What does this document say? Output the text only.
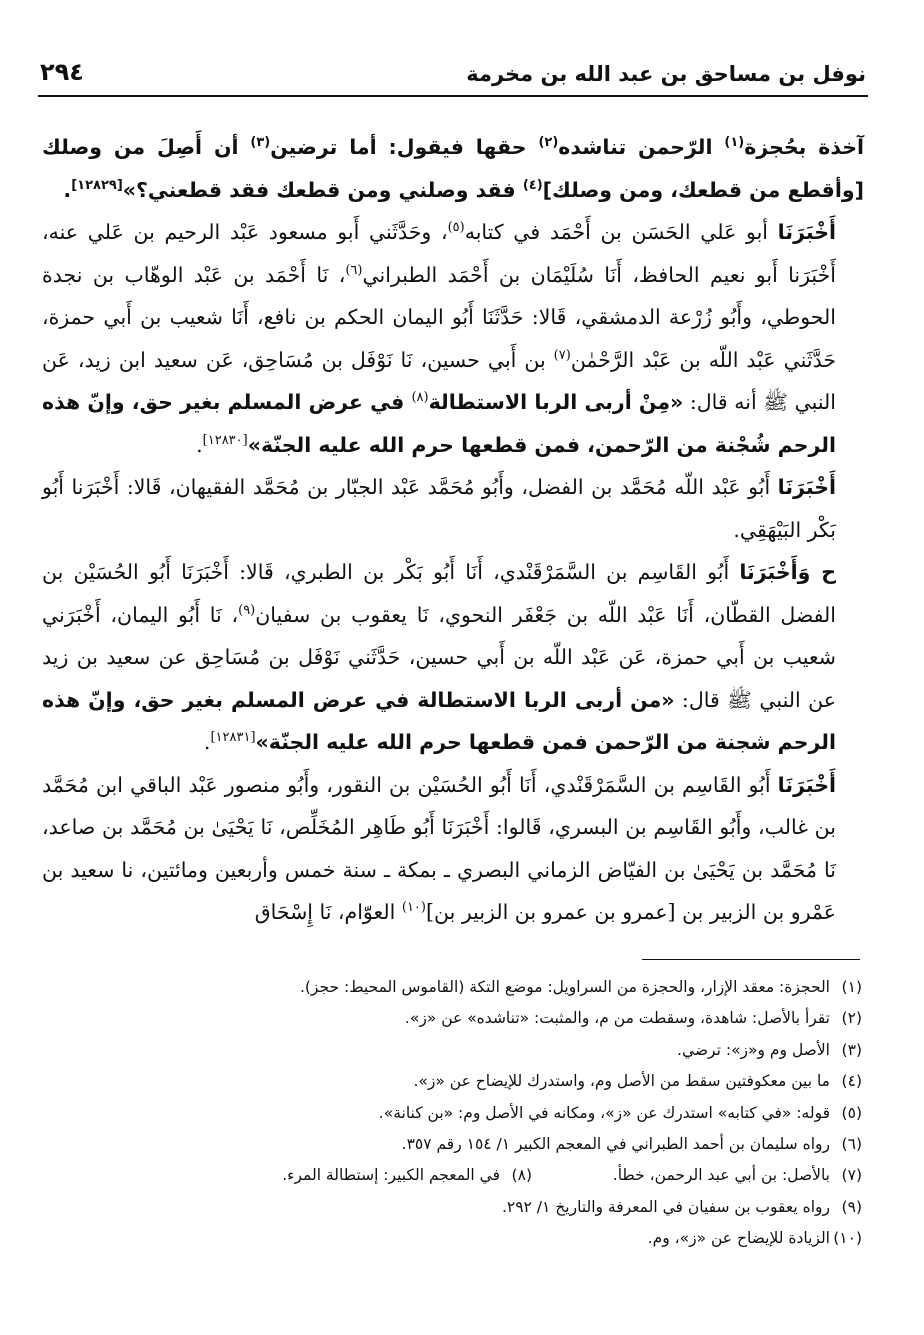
نوفل بن مساحق بن عبد الله بن مخرمة
٢٩٤

آخذة بحُجزة$^{(١)}$ الرّحمن تناشده$^{(٢)}$ حقها فيقول: أما ترضين$^{(٣)}$ أن أَصِلَ من وصلك [وأقطع من قطعك، ومن وصلك]$^{(٤)}$ فقد وصلني ومن قطعك فقد قطعني؟»[١٢٨٢٩].

أَخْبَرَنَا أبو عَلي الحَسَن بن أَحْمَد في كتابه$^{(٥)}$، وحَدَّثَني أَبو مسعود عَبْد الرحيم بن عَلي عنه، أَخْبَرَنا أَبو نعيم الحافظ، أَنَا سُلَيْمَان بن أَحْمَد الطبراني$^{(٦)}$، نَا أَحْمَد بن عَبْد الوهّاب بن نجدة الحوطي، وأَبُو زُرْعة الدمشقي، قَالا: حَدَّثَنَا أَبُو اليمان الحكم بن نافع، أَنَا شعيب بن أَبي حمزة، حَدَّثَني عَبْد اللّه بن عَبْد الرَّحْمٰن$^{(٧)}$ بن أَبي حسين، نَا نَوْفَل بن مُسَاحِق، عَن سعيد ابن زيد، عَن النبي ﷺ أنه قال: «مِنْ أربى الربا الاستطالة$^{(٨)}$ في عرض المسلم بغير حق، وإنّ هذه الرحم شُجْنة من الرّحمن، فمن قطعها حرم الله عليه الجنّة»[١٢٨٣٠].

أَخْبَرَنَا أَبُو عَبْد اللّه مُحَمَّد بن الفضل، وأَبُو مُحَمَّد عَبْد الجبّار بن مُحَمَّد الفقيهان، قَالا: أَخْبَرَنا أَبُو بَكْر البَيْهَقِي.

ح وَأَخْبَرَنَا أَبُو القَاسِم بن السَّمَرْقَنْدي، أَنَا أَبُو بَكْر بن الطبري، قَالا: أَخْبَرَنَا أَبُو الحُسَيْن بن الفضل القطّان، أَنَا عَبْد اللّه بن جَعْفَر النحوي، نَا يعقوب بن سفيان$^{(٩)}$، نَا أَبُو اليمان، أَخْبَرَني شعيب بن أَبي حمزة، عَن عَبْد اللّه بن أَبي حسين، حَدَّثَني نَوْفَل بن مُسَاحِق عن سعيد بن زيد عن النبي ﷺ قال: «من أربى الربا الاستطالة في عرض المسلم بغير حق، وإنّ هذه الرحم شجنة من الرّحمن فمن قطعها حرم الله عليه الجنّة»[١٢٨٣١].

أَخْبَرَنَا أَبُو القَاسِم بن السَّمَرْقَنْدي، أَنَا أَبُو الحُسَيْن بن النقور، وأَبُو منصور عَبْد الباقي ابن مُحَمَّد بن غالب، وأَبُو القَاسِم بن البسري، قَالوا: أَخْبَرَنَا أَبُو طَاهِر المُخَلِّص، نَا يَحْيَىٰ بن مُحَمَّد بن صاعد، نَا مُحَمَّد بن يَحْيَىٰ بن الفيّاض الزماني البصري ـ بمكة ـ سنة خمس وأربعين ومائتين، نا سعيد بن عَمْرو بن الزبير بن [عمرو بن عمرو بن الزبير بن]$^{(١٠)}$ العوّام، نَا إِسْحَاق

(١)الحجزة: معقد الإزار، والحجزة من السراويل: موضع التكة (القاموس المحيط: حجز).
(٢)تقرأ بالأصل: شاهدة، وسقطت من م، والمثبت: «تناشده» عن «ز».
(٣)الأصل وم و«ز»: ترضي.
(٤)ما بين معكوفتين سقط من الأصل وم، واستدرك للإيضاح عن «ز».
(٥)قوله: «في كتابه» استدرك عن «ز»، ومكانه في الأصل وم: «بن كنانة».
(٦)رواه سليمان بن أحمد الطبراني في المعجم الكبير ١/ ١٥٤ رقم ٣٥٧.
(٧)بالأصل: بن أبي عبد الرحمن، خطأ.(٨)في المعجم الكبير: إستطالة المرء.
(٩)رواه يعقوب بن سفيان في المعرفة والتاريخ ١/ ٢٩٢.
(١٠)الزيادة للإيضاح عن «ز»، وم.
